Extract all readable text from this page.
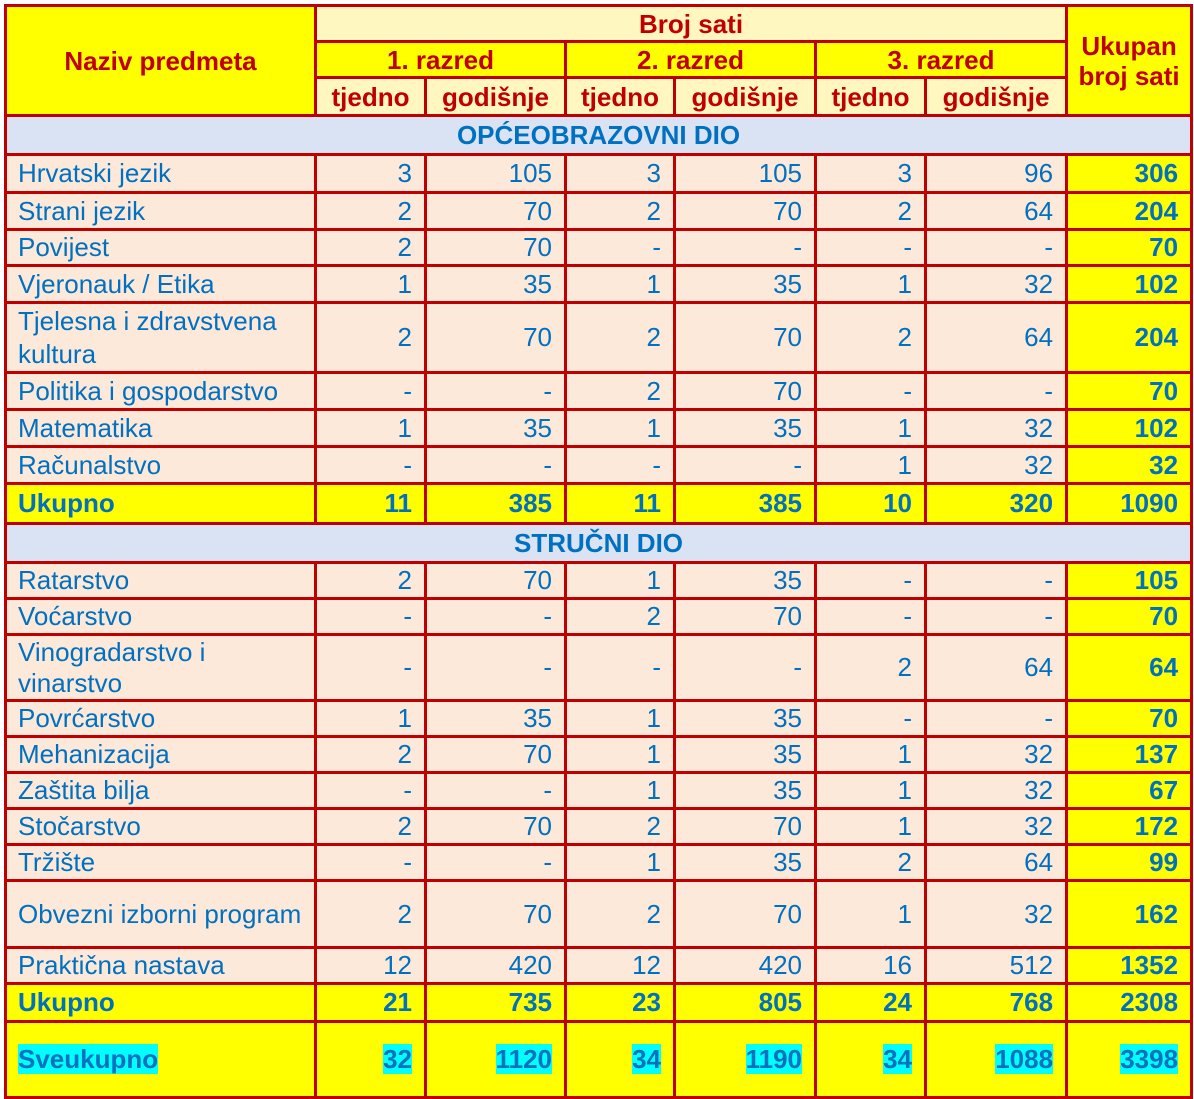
Naziv predmeta	Broj sati						Ukupan broj sati
	1. razred		2. razred		3. razred		
	tjedno	godišnje	tjedno	godišnje	tjedno	godišnje	
OPĆEOBRAZOVNI DIO							
Hrvatski jezik	3	105	3	105	3	96	306
Strani jezik	2	70	2	70	2	64	204
Povijest	2	70	-	-	-	-	70
Vjeronauk / Etika	1	35	1	35	1	32	102
Tjelesna i zdravstvena kultura	2	70	2	70	2	64	204
Politika i gospodarstvo	-	-	2	70	-	-	70
Matematika	1	35	1	35	1	32	102
Računalstvo	-	-	-	-	1	32	32
Ukupno	11	385	11	385	10	320	1090
STRUČNI DIO							
Ratarstvo	2	70	1	35	-	-	105
Voćarstvo	-	-	2	70	-	-	70
Vinogradarstvo i vinarstvo	-	-	-	-	2	64	64
Povrćarstvo	1	35	1	35	-	-	70
Mehanizacija	2	70	1	35	1	32	137
Zaštita bilja	-	-	1	35	1	32	67
Stočarstvo	2	70	2	70	1	32	172
Tržište	-	-	1	35	2	64	99
Obvezni izborni program	2	70	2	70	1	32	162
Praktična nastava	12	420	12	420	16	512	1352
Ukupno	21	735	23	805	24	768	2308
Sveukupno	32	1120	34	1190	34	1088	3398
